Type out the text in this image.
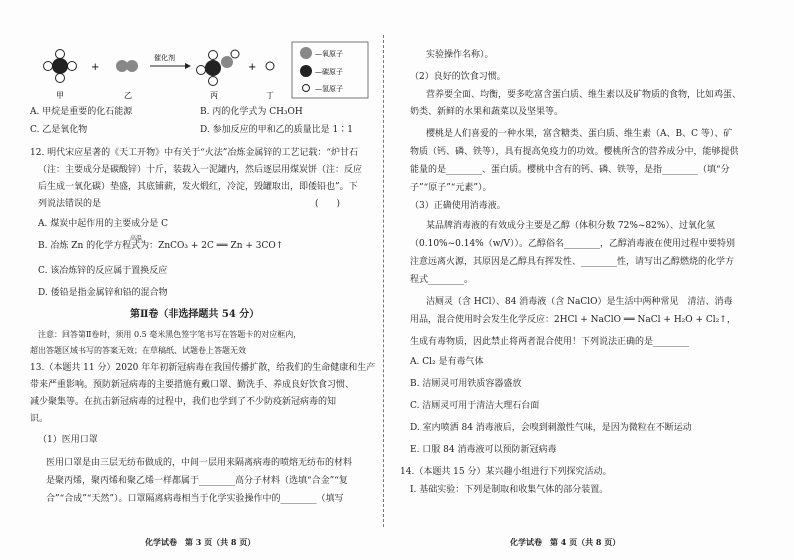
+
催化剂
+
—氧原子
—碳原子
—氢原子
甲	乙	丙	丁
A. 甲烷是重要的化石能源	B. 丙的化学式为 CH₃OH
C. 乙是氧化物	D. 参加反应的甲和乙的质量比是 1∶1
12. 明代宋应星著的《天工开物》中有关于“火法”冶炼金属锌的工艺记载：“炉甘石
（注：主要成分是碳酸锌）十斤，装载入一泥罐内，然后逐层用煤炭饼（注：反应
后生成一氧化碳）垫盛，其底铺薪，发火煅红，冷淀，毁罐取出，即倭铅也”。下
列说法错误的是	(　　)
A. 煤炭中起作用的主要成分是 C
高温
B. 冶炼 Zn 的化学方程式为：ZnCO₃ + 2C ══ Zn + 3CO↑
C. 该冶炼锌的反应属于置换反应
D. 倭铅是指金属锌和铅的混合物
第Ⅱ卷（非选择题共 54 分）
注意：回答第Ⅱ卷时，须用 0.5 毫米黑色签字笔书写在答题卡的对应框内，
超出答题区域书写的答案无效；在草稿纸、试题卷上答题无效
13.（本题共 11 分）2020 年年初新冠病毒在我国传播扩散，给我们的生命健康和生产
带来严重影响。预防新冠病毒的主要措施有戴口罩、勤洗手、养成良好饮食习惯、
减少聚集等。在抗击新冠病毒的过程中，我们也学到了不少防疫新冠病毒的知
识。
（1）医用口罩
医用口罩是由三层无纺布做成的，中间一层用来隔离病毒的喷熔无纺布的材料
是聚丙烯，聚丙烯和聚乙烯一样都属于________高分子材料（选填“合金”“复
合”“合成”“天然”）。口罩隔离病毒相当于化学实验操作中的________（填写
化学试卷　第 3 页（共 8 页）
实验操作名称）。
（2）良好的饮食习惯。
营养要全面、均衡，要多吃富含蛋白质、维生素以及矿物质的食物，比如鸡蛋、
奶类、新鲜的水果和蔬菜以及坚果等。
樱桃是人们喜爱的一种水果，富含糖类、蛋白质、维生素（A、B、C 等）、矿
物质（钙、磷、铁等），具有提高免疫力的功效。樱桃所含的营养成分中，能够提供
能量的是________、蛋白质。樱桃中含有的钙、磷、铁等，是指________（填“分
子”“原子”“元素”）。
（3）正确使用消毒液。
某品牌消毒液的有效成分主要是乙醇（体积分数 72%~82%）、过氧化氢
（0.10%~0.14%（w/V））。乙醇俗名________，乙醇消毒液在使用过程中要特别
注意远离火源，其原因是乙醇具有挥发性、________性，请写出乙醇燃烧的化学方
程式________。
洁厕灵（含 HCl）、84 消毒液（含 NaClO）是生活中两种常见　清洁、消毒
用品，混合使用时会发生化学反应：2HCl + NaClO ══ NaCl + H₂O + Cl₂↑，
生成有毒物质，因此禁止将两者混合使用！下列说法正确的是________
A. Cl₂ 是有毒气体
B. 洁厕灵可用铁质容器盛放
C. 洁厕灵可用于清洁大理石台面
D. 室内喷洒 84 消毒液后，会嗅到刺激性气味，是因为微粒在不断运动
E. 口服 84 消毒液可以预防新冠病毒
14.（本题共 15 分）某兴趣小组进行下列探究活动。
Ⅰ. 基础实验：下列是制取和收集气体的部分装置。
化学试卷　第 4 页（共 8 页）
